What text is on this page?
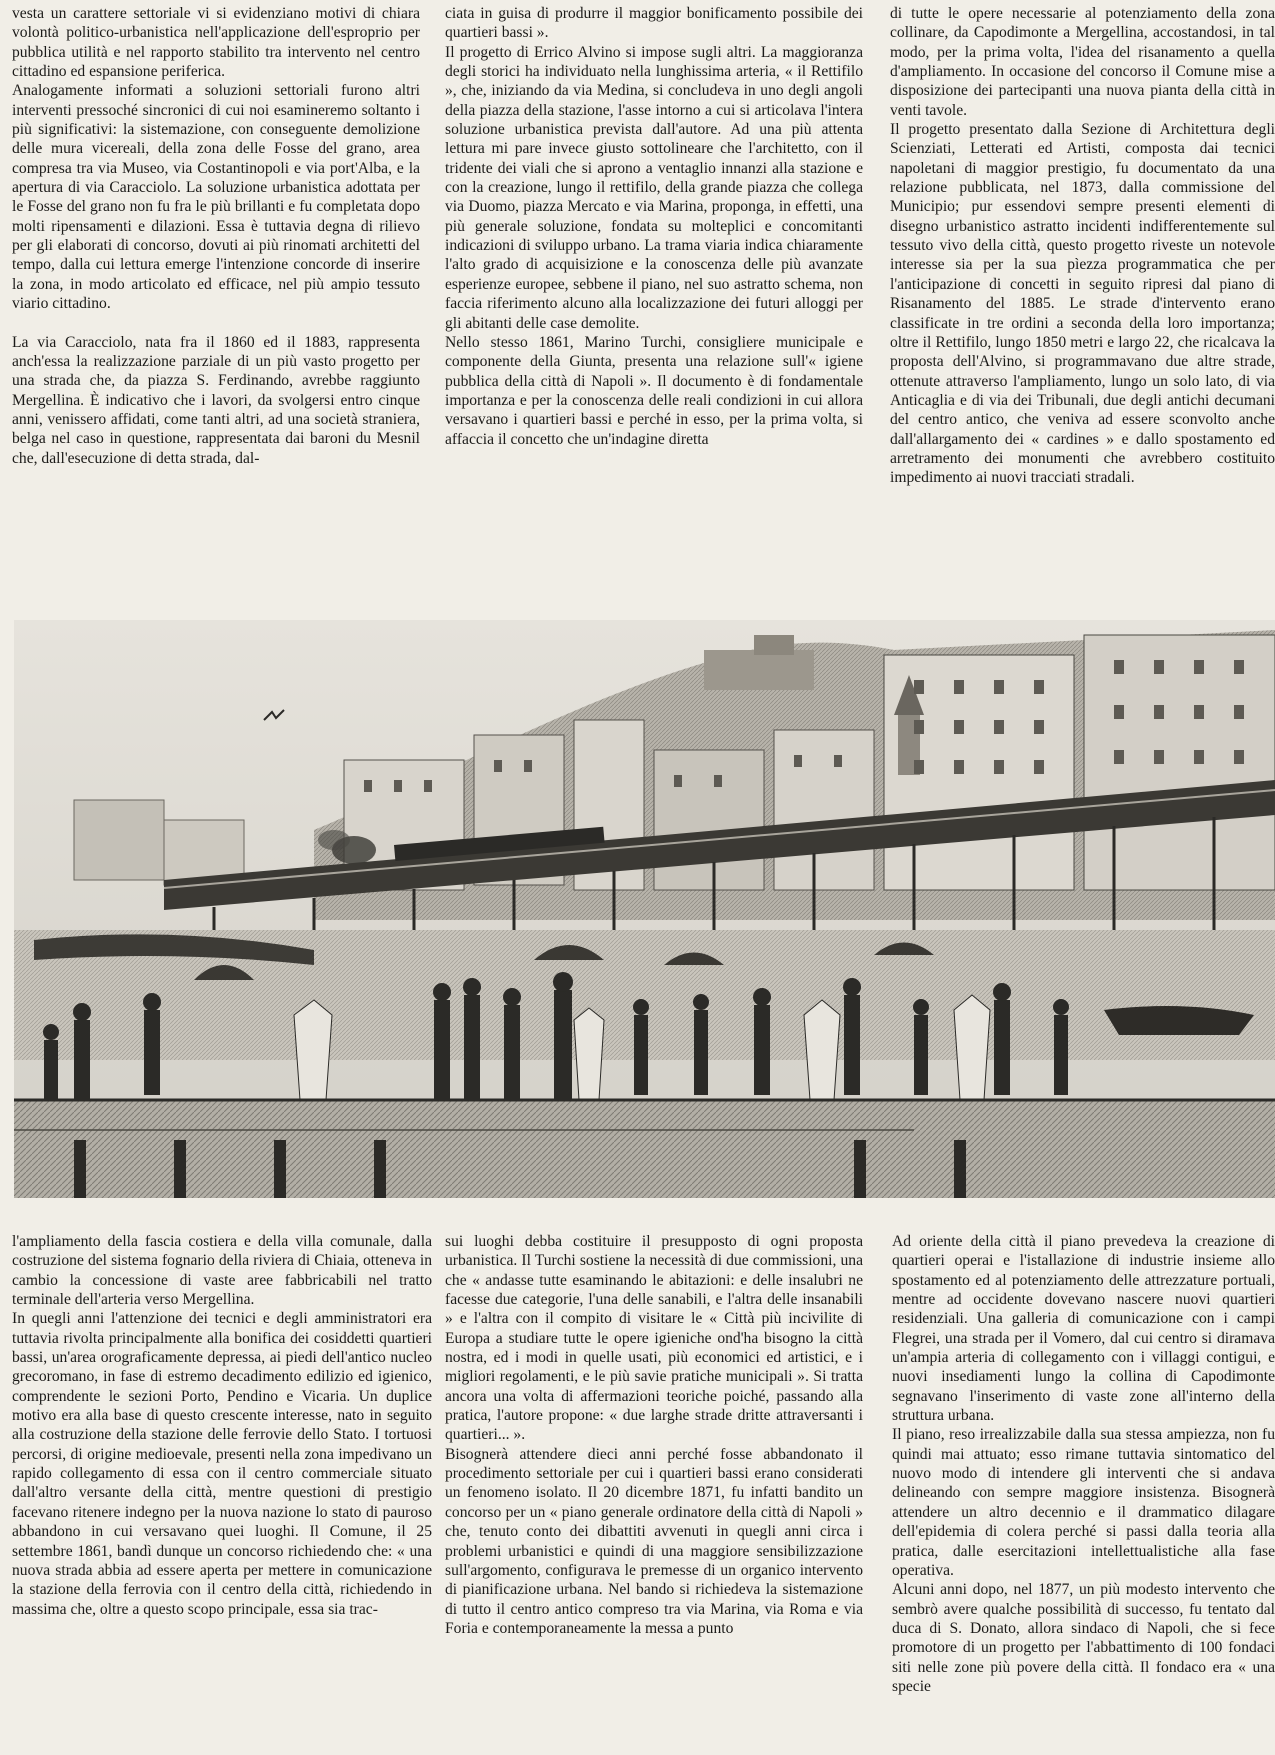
vesta un carattere settoriale vi si evidenziano motivi di chiara volontà politico-urbanistica nell'applicazione dell'esproprio per pubblica utilità e nel rapporto stabilito tra intervento nel centro cittadino ed espansione periferica.

Analogamente informati a soluzioni settoriali furono altri interventi pressoché sincronici di cui noi esamineremo soltanto i più significativi: la sistemazione, con conseguente demolizione delle mura vicereali, della zona delle Fosse del grano, area compresa tra via Museo, via Costantinopoli e via port'Alba, e la apertura di via Caracciolo. La soluzione urbanistica adottata per le Fosse del grano non fu fra le più brillanti e fu completata dopo molti ripensamenti e dilazioni. Essa è tuttavia degna di rilievo per gli elaborati di concorso, dovuti ai più rinomati architetti del tempo, dalla cui lettura emerge l'intenzione concorde di inserire la zona, in modo articolato ed efficace, nel più ampio tessuto viario cittadino.

La via Caracciolo, nata fra il 1860 ed il 1883, rappresenta anch'essa la realizzazione parziale di un più vasto progetto per una strada che, da piazza S. Ferdinando, avrebbe raggiunto Mergellina. È indicativo che i lavori, da svolgersi entro cinque anni, venissero affidati, come tanti altri, ad una società straniera, belga nel caso in questione, rappresentata dai baroni du Mesnil che, dall'esecuzione di detta strada, dal-

ciata in guisa di produrre il maggior bonificamento possibile dei quartieri bassi ».

Il progetto di Errico Alvino si impose sugli altri. La maggioranza degli storici ha individuato nella lunghissima arteria, « il Rettifilo », che, iniziando da via Medina, si concludeva in uno degli angoli della piazza della stazione, l'asse intorno a cui si articolava l'intera soluzione urbanistica prevista dall'autore. Ad una più attenta lettura mi pare invece giusto sottolineare che l'architetto, con il tridente dei viali che si aprono a ventaglio innanzi alla stazione e con la creazione, lungo il rettifilo, della grande piazza che collega via Duomo, piazza Mercato e via Marina, proponga, in effetti, una più generale soluzione, fondata su molteplici e concomitanti indicazioni di sviluppo urbano. La trama viaria indica chiaramente l'alto grado di acquisizione e la conoscenza delle più avanzate esperienze europee, sebbene il piano, nel suo astratto schema, non faccia riferimento alcuno alla localizzazione dei futuri alloggi per gli abitanti delle case demolite.

Nello stesso 1861, Marino Turchi, consigliere municipale e componente della Giunta, presenta una relazione sull'« igiene pubblica della città di Napoli ». Il documento è di fondamentale importanza e per la conoscenza delle reali condizioni in cui allora versavano i quartieri bassi e perché in esso, per la prima volta, si affaccia il concetto che un'indagine diretta

di tutte le opere necessarie al potenziamento della zona collinare, da Capodimonte a Mergellina, accostandosi, in tal modo, per la prima volta, l'idea del risanamento a quella d'ampliamento. In occasione del concorso il Comune mise a disposizione dei partecipanti una nuova pianta della città in venti tavole.

Il progetto presentato dalla Sezione di Architettura degli Scienziati, Letterati ed Artisti, composta dai tecnici napoletani di maggior prestigio, fu documentato da una relazione pubblicata, nel 1873, dalla commissione del Municipio; pur essendovi sempre presenti elementi di disegno urbanistico astratto incidenti indifferentemente sul tessuto vivo della città, questo progetto riveste un notevole interesse sia per la sua pìezza programmatica che per l'anticipazione di concetti in seguito ripresi dal piano di Risanamento del 1885. Le strade d'intervento erano classificate in tre ordini a seconda della loro importanza; oltre il Rettifilo, lungo 1850 metri e largo 22, che ricalcava la proposta dell'Alvino, si programmavano due altre strade, ottenute attraverso l'ampliamento, lungo un solo lato, di via Anticaglia e di via dei Tribunali, due degli antichi decumani del centro antico, che veniva ad essere sconvolto anche dall'allargamento dei « cardines » e dallo spostamento ed arretramento dei monumenti che avrebbero costituito impedimento ai nuovi tracciati stradali.

l'ampliamento della fascia costiera e della villa comunale, dalla costruzione del sistema fognario della riviera di Chiaia, otteneva in cambio la concessione di vaste aree fabbricabili nel tratto terminale dell'arteria verso Mergellina.

In quegli anni l'attenzione dei tecnici e degli amministratori era tuttavia rivolta principalmente alla bonifica dei cosiddetti quartieri bassi, un'area orograficamente depressa, ai piedi dell'antico nucleo grecoromano, in fase di estremo decadimento edilizio ed igienico, comprendente le sezioni Porto, Pendino e Vicaria. Un duplice motivo era alla base di questo crescente interesse, nato in seguito alla costruzione della stazione delle ferrovie dello Stato. I tortuosi percorsi, di origine medioevale, presenti nella zona impedivano un rapido collegamento di essa con il centro commerciale situato dall'altro versante della città, mentre questioni di prestigio facevano ritenere indegno per la nuova nazione lo stato di pauroso abbandono in cui versavano quei luoghi. Il Comune, il 25 settembre 1861, bandì dunque un concorso richiedendo che: « una nuova strada abbia ad essere aperta per mettere in comunicazione la stazione della ferrovia con il centro della città, richiedendo in massima che, oltre a questo scopo principale, essa sia trac-

sui luoghi debba costituire il presupposto di ogni proposta urbanistica. Il Turchi sostiene la necessità di due commissioni, una che « andasse tutte esaminando le abitazioni: e delle insalubri ne facesse due categorie, l'una delle sanabili, e l'altra delle insanabili » e l'altra con il compito di visitare le « Città più incivilite di Europa a studiare tutte le opere igieniche ond'ha bisogno la città nostra, ed i modi in quelle usati, più economici ed artistici, e i migliori regolamenti, e le più savie pratiche municipali ». Si tratta ancora una volta di affermazioni teoriche poiché, passando alla pratica, l'autore propone: « due larghe strade dritte attraversanti i quartieri... ».

Bisognerà attendere dieci anni perché fosse abbandonato il procedimento settoriale per cui i quartieri bassi erano considerati un fenomeno isolato. Il 20 dicembre 1871, fu infatti bandito un concorso per un « piano generale ordinatore della città di Napoli » che, tenuto conto dei dibattiti avvenuti in quegli anni circa i problemi urbanistici e quindi di una maggiore sensibilizzazione sull'argomento, configurava le premesse di un organico intervento di pianificazione urbana. Nel bando si richiedeva la sistemazione di tutto il centro antico compreso tra via Marina, via Roma e via Foria e contemporaneamente la messa a punto

Ad oriente della città il piano prevedeva la creazione di quartieri operai e l'istallazione di industrie insieme allo spostamento ed al potenziamento delle attrezzature portuali, mentre ad occidente dovevano nascere nuovi quartieri residenziali. Una galleria di comunicazione con i campi Flegrei, una strada per il Vomero, dal cui centro si diramava un'ampia arteria di collegamento con i villaggi contigui, e nuovi insediamenti lungo la collina di Capodimonte segnavano l'inserimento di vaste zone all'interno della struttura urbana.

Il piano, reso irrealizzabile dalla sua stessa ampiezza, non fu quindi mai attuato; esso rimane tuttavia sintomatico del nuovo modo di intendere gli interventi che si andava delineando con sempre maggiore insistenza. Bisognerà attendere un altro decennio e il drammatico dilagare dell'epidemia di colera perché si passi dalla teoria alla pratica, dalle esercitazioni intellettualistiche alla fase operativa.

Alcuni anni dopo, nel 1877, un più modesto intervento che sembrò avere qualche possibilità di successo, fu tentato dal duca di S. Donato, allora sindaco di Napoli, che si fece promotore di un progetto per l'abbattimento di 100 fondaci siti nelle zone più povere della città. Il fondaco era « una specie
